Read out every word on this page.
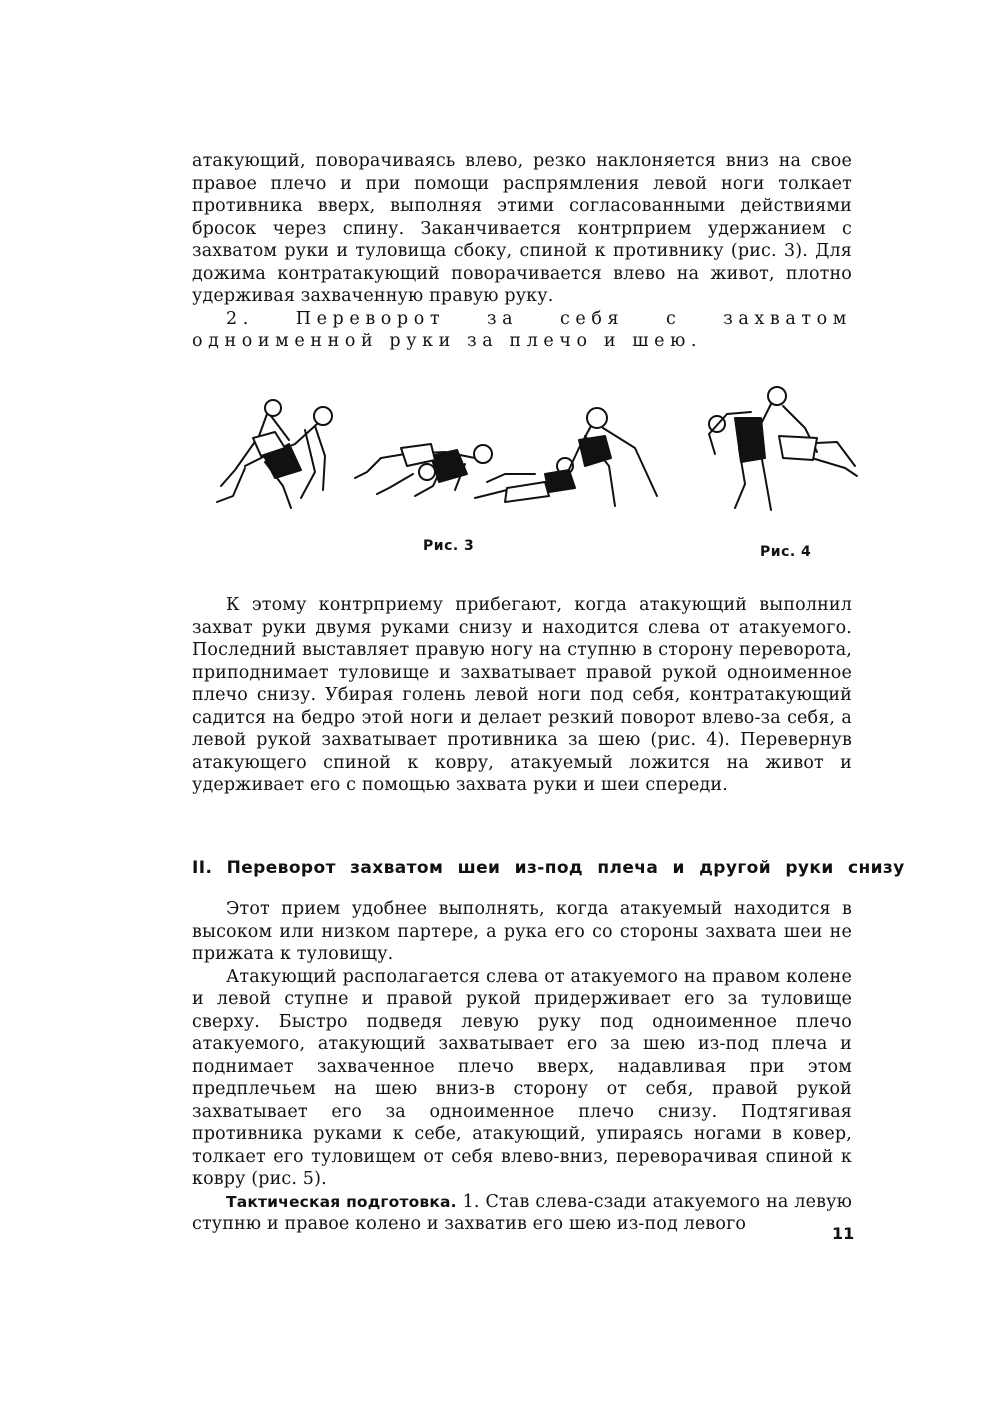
атакующий, поворачиваясь влево, резко наклоняется вниз на свое правое плечо и при помощи распрямления левой ноги толкает противника вверх, выполняя этими согласованными действиями бросок через спину. Заканчивается контрприем удержанием с захватом руки и туловища сбоку, спиной к противнику (рис. 3). Для дожима контратакующий поворачивается влево на живот, плотно удерживая захваченную правую руку.

2. Переворот за себя с захватом одноименной руки за плечо и шею.

Рис. 3	Рис. 4

К этому контрприему прибегают, когда атакующий выполнил захват руки двумя руками снизу и находится слева от атакуемого. Последний выставляет правую ногу на ступню в сторону переворота, приподнимает туловище и захватывает правой рукой одноименное плечо снизу. Убирая голень левой ноги под себя, контратакующий садится на бедро этой ноги и делает резкий поворот влево-за себя, а левой рукой захватывает противника за шею (рис. 4). Перевернув атакующего спиной к ковру, атакуемый ложится на живот и удерживает его с помощью захвата руки и шеи спереди.

II. Переворот захватом шеи из-под плеча и другой руки снизу

Этот прием удобнее выполнять, когда атакуемый находится в высоком или низком партере, а рука его со стороны захвата шеи не прижата к туловищу.

Атакующий располагается слева от атакуемого на правом колене и левой ступне и правой рукой придерживает его за туловище сверху. Быстро подведя левую руку под одноименное плечо атакуемого, атакующий захватывает его за шею из-под плеча и поднимает захваченное плечо вверх, надавливая при этом предплечьем на шею вниз-в сторону от себя, правой рукой захватывает его за одноименное плечо снизу. Подтягивая противника руками к себе, атакующий, упираясь ногами в ковер, толкает его туловищем от себя влево-вниз, переворачивая спиной к ковру (рис. 5).

Тактическая подготовка. 1. Став слева-сзади атакуемого на левую ступню и правое колено и захватив его шею из-под левого	11
